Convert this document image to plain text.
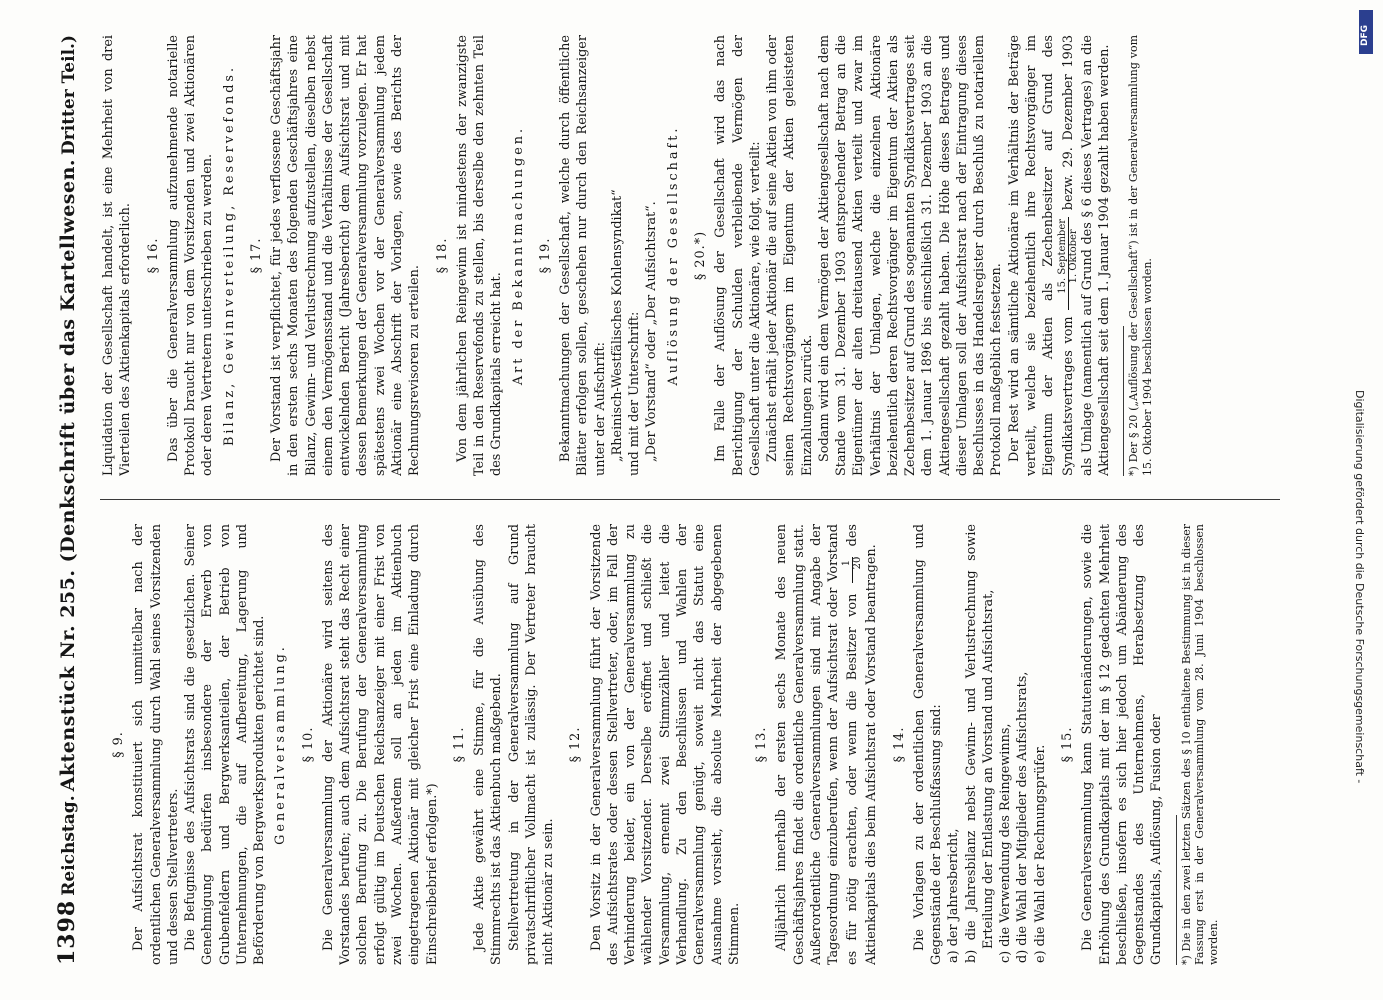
1398
Reichstag.
Aktenstück Nr. 255. (Denkschrift über das Kartellwesen.
Dritter Teil.)
§ 9. Der Aufsichtsrat konstituiert sich unmittelbar nach der ordentlichen Generalversammlung durch Wahl seines Vorsitzenden und dessen Stellvertreters. Die Befugnisse des Aufsichtsrats sind die gesetzlichen. Seiner Genehmigung bedürfen insbesondere der Erwerb von Grubenfeldern und Bergwerksanteilen, der Betrieb von Unternehmungen, die auf Aufbereitung, Lagerung und Beförderung von Bergwerksprodukten gerichtet sind. Generalversammlung. § 10. Die Generalversammlung der Aktionäre wird seitens des Vorstandes berufen; auch dem Aufsichtsrat steht das Recht einer solchen Berufung zu. Die Berufung der Generalversammlung erfolgt gültig im Deutschen Reichsanzeiger mit einer Frist von zwei Wochen. Außerdem soll an jeden im Aktienbuch eingetragenen Aktionär mit gleicher Frist eine Einladung durch Einschreibebrief erfolgen.*)

§ 11. Jede Aktie gewährt eine Stimme, für die Ausübung des Stimmrechts ist das Aktienbuch maßgebend. Stellvertretung in der Generalversammlung auf Grund privatschriftlicher Vollmacht ist zulässig. Der Vertreter braucht nicht Aktionär zu sein.

§ 12. Den Vorsitz in der Generalversammlung führt der Vorsitzende des Aufsichtsrates oder dessen Stellvertreter, oder, im Fall der Verhinderung beider, ein von der Generalversammlung zu wählender Vorsitzender. Derselbe eröffnet und schließt die Versammlung, ernennt zwei Stimmzähler und leitet die Verhandlung. Zu den Beschlüssen und Wahlen der Generalversammlung genügt, soweit nicht das Statut eine Ausnahme vorsieht, die absolute Mehrheit der abgegebenen Stimmen.

§ 13. Alljährlich innerhalb der ersten sechs Monate des neuen Geschäftsjahres findet die ordentliche Generalversammlung statt. Außerordentliche Generalversammlungen sind mit Angabe der Tagesordnung einzuberufen, wenn der Aufsichtsrat oder Vorstand es für nötig erachten, oder wenn die Besitzer von
1 20
des Aktienkapitals dies beim Aufsichtsrat oder Vorstand beantragen. § 14. Die Vorlagen zu der ordentlichen Generalversammlung und Gegenstände der Beschlußfassung sind: a) der Jahresbericht, b) die Jahresbilanz nebst Gewinn- und Verlustrechnung sowie Erteilung der Entlastung an Vorstand und Aufsichtsrat, c) die Verwendung des Reingewinns, d) die Wahl der Mitglieder des Aufsichtsrats, e) die Wahl der Rechnungsprüfer.
§ 15. Die Generalversammlung kann Statutenänderungen, sowie die Erhöhung des Grundkapitals mit der im § 12 gedachten Mehrheit beschließen, insofern es sich hier jedoch um Abänderung des Gegenstandes des Unternehmens, Herabsetzung des Grundkapitals, Auflösung, Fusion oder *) Die in den zwei letzten Sätzen des § 10 enthaltene Bestimmung ist in dieser Fassung erst in der Generalversammlung vom 28. Juni 1904 beschlossen worden.

Liquidation der Gesellschaft handelt, ist eine Mehrheit von drei Vierteilen des Aktienkapitals erforderlich. § 16. Das über die Generalversammlung aufzunehmende notarielle Protokoll braucht nur von dem Vorsitzenden und zwei Aktionären oder deren Vertretern unterschrieben zu werden. Bilanz, Gewinnverteilung, Reservefonds. § 17. Der Vorstand ist verpflichtet, für jedes verflossene Geschäftsjahr in den ersten sechs Monaten des folgenden Geschäftsjahres eine Bilanz, Gewinn- und Verlustrechnung aufzustellen, dieselben nebst einem den Vermögensstand und die Verhältnisse der Gesellschaft entwickelnden Bericht (Jahresbericht) dem Aufsichtsrat und mit dessen Bemerkungen der Generalversammlung vorzulegen. Er hat spätestens zwei Wochen vor der Generalversammlung jedem Aktionär eine Abschrift der Vorlagen, sowie des Berichts der Rechnungsrevisoren zu erteilen.

§ 18. Von dem jährlichen Reingewinn ist mindestens der zwanzigste Teil in den Reservefonds zu stellen, bis derselbe den zehnten Teil des Grundkapitals erreicht hat. Art der Bekanntmachungen. § 19. Bekanntmachungen der Gesellschaft, welche durch öffentliche Blätter erfolgen sollen, geschehen nur durch den Reichsanzeiger unter der Aufschrift: „Rheinisch-Westfälisches Kohlensyndikat“ und mit der Unterschrift: „Der Vorstand“ oder „Der Aufsichtsrat“. Auflösung der Gesellschaft. § 20.*) Im Falle der Auflösung der Gesellschaft wird das nach Berichtigung der Schulden verbleibende Vermögen der Gesellschaft unter die Aktionäre, wie folgt, verteilt: Zunächst erhält jeder Aktionär die auf seine Aktien von ihm oder seinen Rechtsvorgängern im Eigentum der Aktien geleisteten Einzahlungen zurück. Sodann wird ein dem Vermögen der Aktiengesellschaft nach dem Stande vom 31. Dezember 1903 entsprechender Betrag an die Eigentümer der alten dreitausend Aktien verteilt und zwar im Verhältnis der Umlagen, welche die einzelnen Aktionäre beziehentlich deren Rechtsvorgänger im Eigentum der Aktien als Zechenbesitzer auf Grund des sogenannten Syndikatsvertrages seit dem 1. Januar 1896 bis einschließlich 31. Dezember 1903 an die Aktiengesellschaft gezahlt haben. Die Höhe dieses Betrages und dieser Umlagen soll der Aufsichtsrat nach der Eintragung dieses Beschlusses in das Handelsregister durch Beschluß zu notariellem Protokoll maßgeblich festsetzen. Der Rest wird an sämtliche Aktionäre im Verhältnis der Beträge verteilt, welche sie beziehentlich ihre Rechtsvorgänger im Eigentum der Aktien als Zechenbesitzer auf Grund des Syndikatsvertrages vom
15. September 1. Oktober
bezw. 29. Dezember 1903 als Umlage (namentlich auf Grund des § 6 dieses Vertrages) an die Aktiengesellschaft seit dem 1. Januar 1904 gezahlt haben werden. *) Der § 20 („Auflösung der Gesellschaft“) ist in der Generalversammlung vom 15. Oktober 1904 beschlossen worden.

DFG
Digitalisierung gefördert durch die Deutsche Forschungsgemeinschaft -
